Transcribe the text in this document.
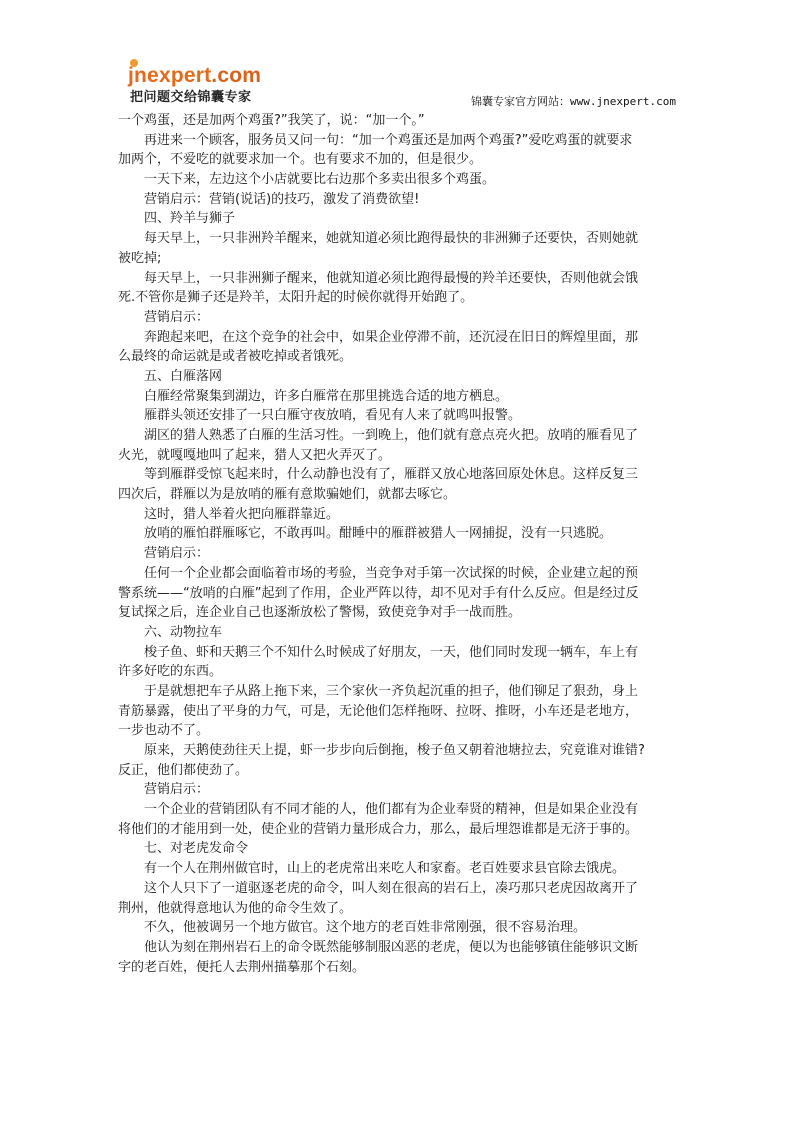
jnexpert.com
把问题交给锦囊专家	锦囊专家官方网站：www.jnexpert.com
一个鸡蛋，还是加两个鸡蛋?”我笑了，说：“加一个。”
再进来一个顾客，服务员又问一句：“加一个鸡蛋还是加两个鸡蛋?”爱吃鸡蛋的就要求
加两个，不爱吃的就要求加一个。也有要求不加的，但是很少。
一天下来，左边这个小店就要比右边那个多卖出很多个鸡蛋。
营销启示：营销(说话)的技巧，激发了消费欲望!
四、羚羊与狮子
每天早上，一只非洲羚羊醒来，她就知道必须比跑得最快的非洲狮子还要快，否则她就
被吃掉;
每天早上，一只非洲狮子醒来，他就知道必须比跑得最慢的羚羊还要快，否则他就会饿
死.不管你是狮子还是羚羊，太阳升起的时候你就得开始跑了。
营销启示：
奔跑起来吧，在这个竞争的社会中，如果企业停滞不前，还沉浸在旧日的辉煌里面，那
么最终的命运就是或者被吃掉或者饿死。
五、白雁落网
白雁经常聚集到湖边，许多白雁常在那里挑选合适的地方栖息。
雁群头领还安排了一只白雁守夜放哨，看见有人来了就鸣叫报警。
湖区的猎人熟悉了白雁的生活习性。一到晚上，他们就有意点亮火把。放哨的雁看见了
火光，就嘎嘎地叫了起来，猎人又把火弄灭了。
等到雁群受惊飞起来时，什么动静也没有了，雁群又放心地落回原处休息。这样反复三
四次后，群雁以为是放哨的雁有意欺骗她们，就都去啄它。
这时，猎人举着火把向雁群靠近。
放哨的雁怕群雁啄它，不敢再叫。酣睡中的雁群被猎人一网捕捉，没有一只逃脱。
营销启示：
任何一个企业都会面临着市场的考验，当竞争对手第一次试探的时候，企业建立起的预
警系统——“放哨的白雁”起到了作用，企业严阵以待，却不见对手有什么反应。但是经过反
复试探之后，连企业自己也逐渐放松了警惕，致使竞争对手一战而胜。
六、动物拉车
梭子鱼、虾和天鹅三个不知什么时候成了好朋友，一天，他们同时发现一辆车，车上有
许多好吃的东西。
于是就想把车子从路上拖下来，三个家伙一齐负起沉重的担子，他们铆足了狠劲，身上
青筋暴露，使出了平身的力气，可是，无论他们怎样拖呀、拉呀、推呀，小车还是老地方，
一步也动不了。
原来，天鹅使劲往天上提，虾一步步向后倒拖，梭子鱼又朝着池塘拉去，究竟谁对谁错?
反正，他们都使劲了。
营销启示：
一个企业的营销团队有不同才能的人，他们都有为企业奉贤的精神，但是如果企业没有
将他们的才能用到一处，使企业的营销力量形成合力，那么，最后埋怨谁都是无济于事的。
七、对老虎发命令
有一个人在荆州做官时，山上的老虎常出来吃人和家畜。老百姓要求县官除去饿虎。
这个人只下了一道驱逐老虎的命令，叫人刻在很高的岩石上，凑巧那只老虎因故离开了
荆州，他就得意地认为他的命令生效了。
不久，他被调另一个地方做官。这个地方的老百姓非常刚强，很不容易治理。
他认为刻在荆州岩石上的命令既然能够制服凶恶的老虎，便以为也能够镇住能够识文断
字的老百姓，便托人去荆州描摹那个石刻。
